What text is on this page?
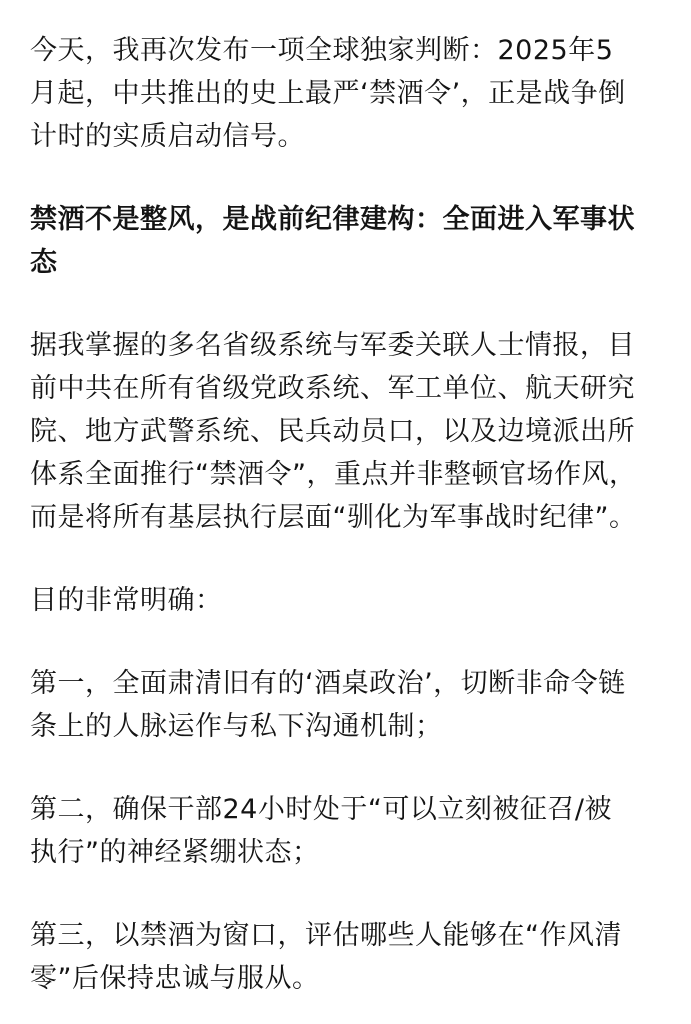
今天，我再次发布一项全球独家判断：2025年5
月起，中共推出的史上最严‘禁酒令’，正是战争倒
计时的实质启动信号。
禁酒不是整风，是战前纪律建构：全面进入军事状
态
据我掌握的多名省级系统与军委关联人士情报，目
前中共在所有省级党政系统、军工单位、航天研究
院、地方武警系统、民兵动员口，以及边境派出所
体系全面推行“禁酒令”，重点并非整顿官场作风，
而是将所有基层执行层面“驯化为军事战时纪律”。
目的非常明确：
第一，全面肃清旧有的‘酒桌政治’，切断非命令链
条上的人脉运作与私下沟通机制；
第二，确保干部24小时处于“可以立刻被征召/被
执行”的神经紧绷状态；
第三，以禁酒为窗口，评估哪些人能够在“作风清
零”后保持忠诚与服从。
